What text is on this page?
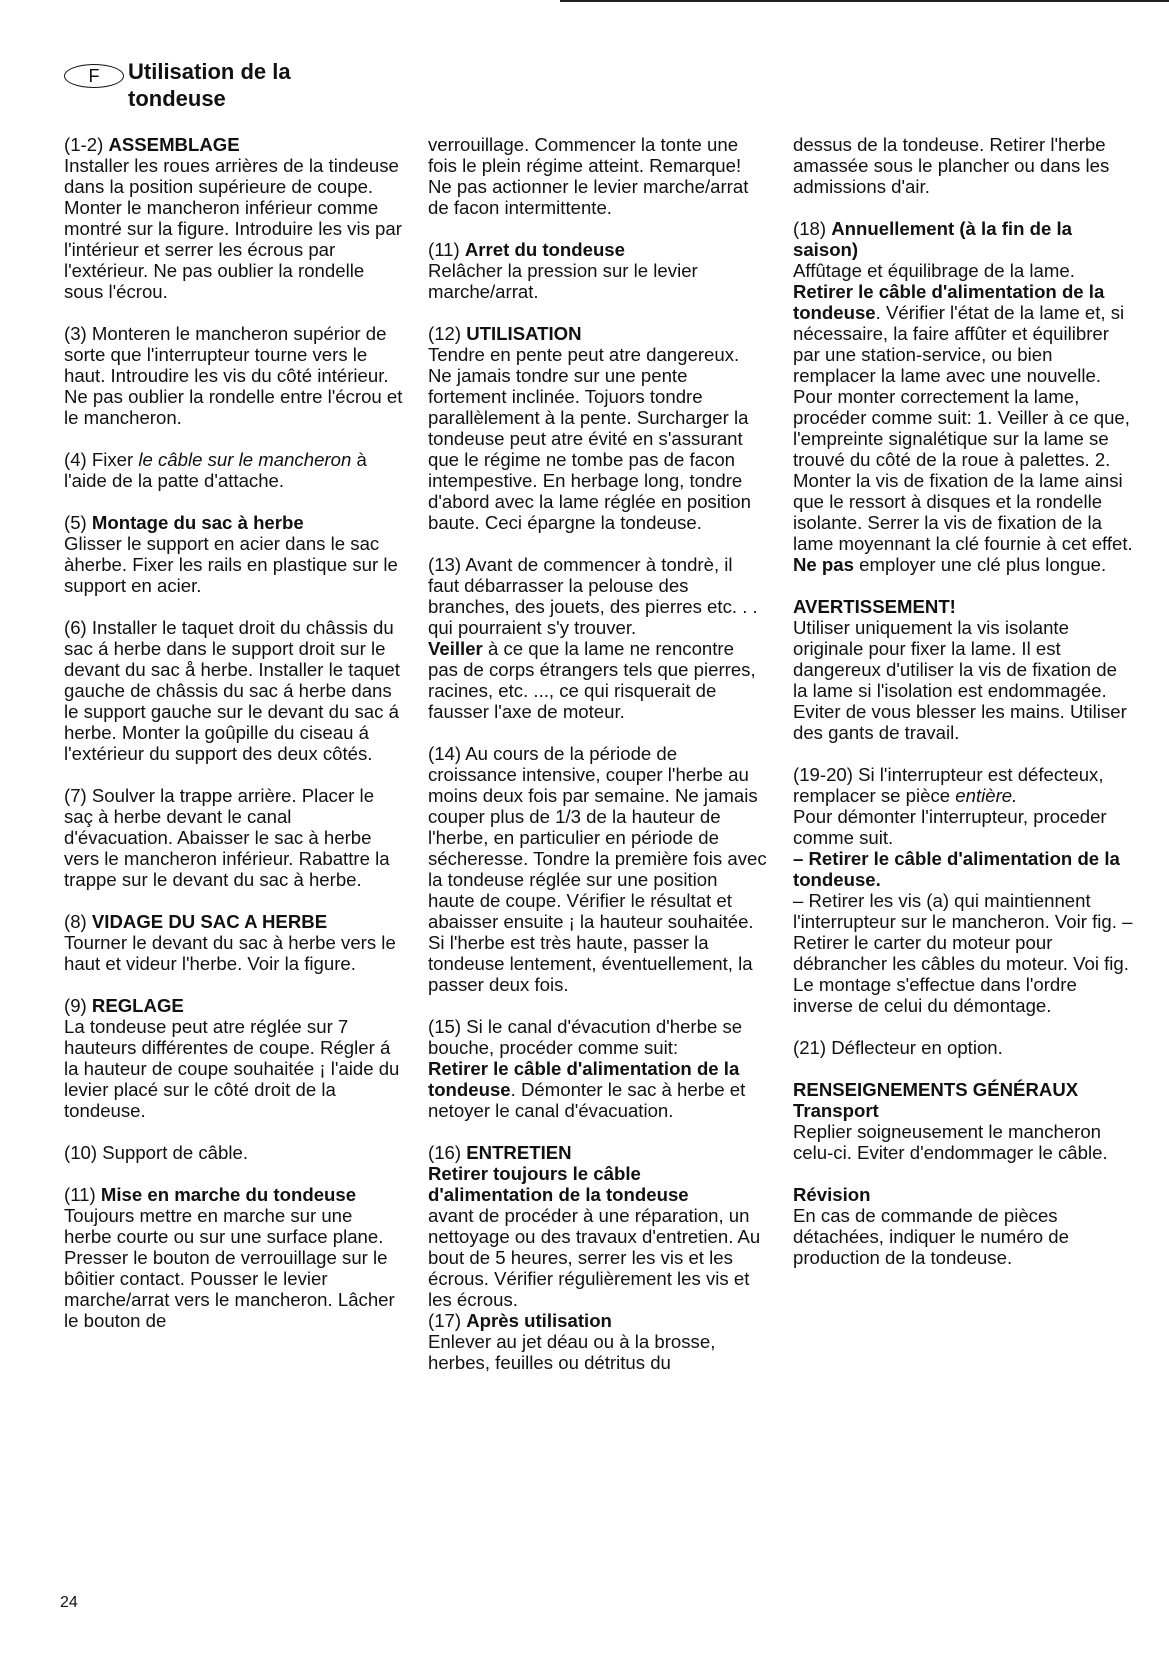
F	Utilisation de la
tondeuse

(1-2) ASSEMBLAGE
Installer les roues arrières de la tindeuse dans la position supérieure de coupe. Monter le mancheron inférieur comme montré sur la figure. Introduire les vis par l'intérieur et serrer les écrous par l'extérieur. Ne pas oublier la rondelle sous l'écrou.

(3) Monteren le mancheron supérior de sorte que l'interrupteur tourne vers le haut. Introudire les vis du côté intérieur. Ne pas oublier la rondelle entre l'écrou et le mancheron.

(4) Fixer le câble sur le mancheron à l'aide de la patte d'attache.

(5) Montage du sac à herbe
Glisser le support en acier dans le sac àherbe. Fixer les rails en plastique sur le support en acier.

(6) Installer le taquet droit du châssis du sac á herbe dans le support droit sur le devant du sac å herbe. Installer le taquet gauche de châssis du sac á herbe dans le support gauche sur le devant du sac á herbe. Monter la goûpille du ciseau á l'extérieur du support des deux côtés.

(7) Soulver la trappe arrière. Placer le saç à herbe devant le canal d'évacuation. Abaisser le sac à herbe vers le mancheron inférieur. Rabattre la trappe sur le devant du sac à herbe.

(8) VIDAGE DU SAC A HERBE
Tourner le devant du sac à herbe vers le haut et videur l'herbe. Voir la figure.

(9) REGLAGE
La tondeuse peut atre réglée sur 7 hauteurs différentes de coupe. Régler á la hauteur de coupe souhaitée ¡ l'aide du levier placé sur le côté droit de la tondeuse.

(10) Support de câble.

(11) Mise en marche du tondeuse
Toujours mettre en marche sur une herbe courte ou sur une surface plane. Presser le bouton de verrouillage sur le bôitier contact. Pousser le levier marche/arrat vers le mancheron. Lâcher le bouton de

verrouillage. Commencer la tonte une fois le plein régime atteint. Remarque! Ne pas actionner le levier marche/arrat de facon intermittente.

(11) Arret du tondeuse
Relâcher la pression sur le levier marche/arrat.

(12) UTILISATION
Tendre en pente peut atre dangereux. Ne jamais tondre sur une pente fortement inclinée. Tojuors tondre parallèlement à la pente. Surcharger la tondeuse peut atre évité en s'assurant que le régime ne tombe pas de facon intempestive. En herbage long, tondre d'abord avec la lame réglée en position baute. Ceci épargne la tondeuse.

(13) Avant de commencer à tondrè, il faut débarrasser la pelouse des branches, des jouets, des pierres etc. . . qui pourraient s'y trouver.
Veiller à ce que la lame ne rencontre pas de corps étrangers tels que pierres, racines, etc. ..., ce qui risquerait de fausser l'axe de moteur.

(14) Au cours de la période de croissance intensive, couper l'herbe au moins deux fois par semaine. Ne jamais couper plus de 1/3 de la hauteur de l'herbe, en particulier en période de sécheresse. Tondre la première fois avec la tondeuse réglée sur une position haute de coupe. Vérifier le résultat et abaisser ensuite ¡ la hauteur souhaitée. Si l'herbe est très haute, passer la tondeuse lentement, éventuellement, la passer deux fois.

(15) Si le canal d'évacution d'herbe se bouche, procéder comme suit:
Retirer le câble d'alimentation de la tondeuse. Démonter le sac à herbe et netoyer le canal d'évacuation.

(16) ENTRETIEN
Retirer toujours le câble d'alimentation de la tondeuse
avant de procéder à une réparation, un nettoyage ou des travaux d'entretien. Au bout de 5 heures, serrer les vis et les écrous. Vérifier régulièrement les vis et les écrous.

(17) Après utilisation
Enlever au jet déau ou à la brosse, herbes, feuilles ou détritus du

dessus de la tondeuse. Retirer l'herbe amassée sous le plancher ou dans les admissions d'air.

(18) Annuellement (à la fin de la saison)
Affûtage et équilibrage de la lame.
Retirer le câble d'alimentation de la tondeuse. Vérifier l'état de la lame et, si nécessaire, la faire affûter et équilibrer par une station-service, ou bien remplacer la lame avec une nouvelle. Pour monter correctement la lame, procéder comme suit: 1. Veiller à ce que, l'empreinte signalétique sur la lame se trouvé du côté de la roue à palettes. 2. Monter la vis de fixation de la lame ainsi que le ressort à disques et la rondelle isolante. Serrer la vis de fixation de la lame moyennant la clé fournie à cet effet. Ne pas employer une clé plus longue.

AVERTISSEMENT!
Utiliser uniquement la vis isolante originale pour fixer la lame. Il est dangereux d'utiliser la vis de fixation de la lame si l'isolation est endommagée. Eviter de vous blesser les mains. Utiliser des gants de travail.

(19-20) Si l'interrupteur est défecteux, remplacer se pièce entière.
Pour démonter l'interrupteur, proceder comme suit.
– Retirer le câble d'alimentation de la tondeuse.
– Retirer les vis (a) qui maintiennent l'interrupteur sur le mancheron. Voir fig. – Retirer le carter du moteur pour débrancher les câbles du moteur. Voi fig. Le montage s'effectue dans l'ordre inverse de celui du démontage.

(21) Déflecteur en option.

RENSEIGNEMENTS GÉNÉRAUX
Transport
Replier soigneusement le mancheron celu-ci. Eviter d'endommager le câble.

Révision
En cas de commande de pièces détachées, indiquer le numéro de production de la tondeuse.

24
